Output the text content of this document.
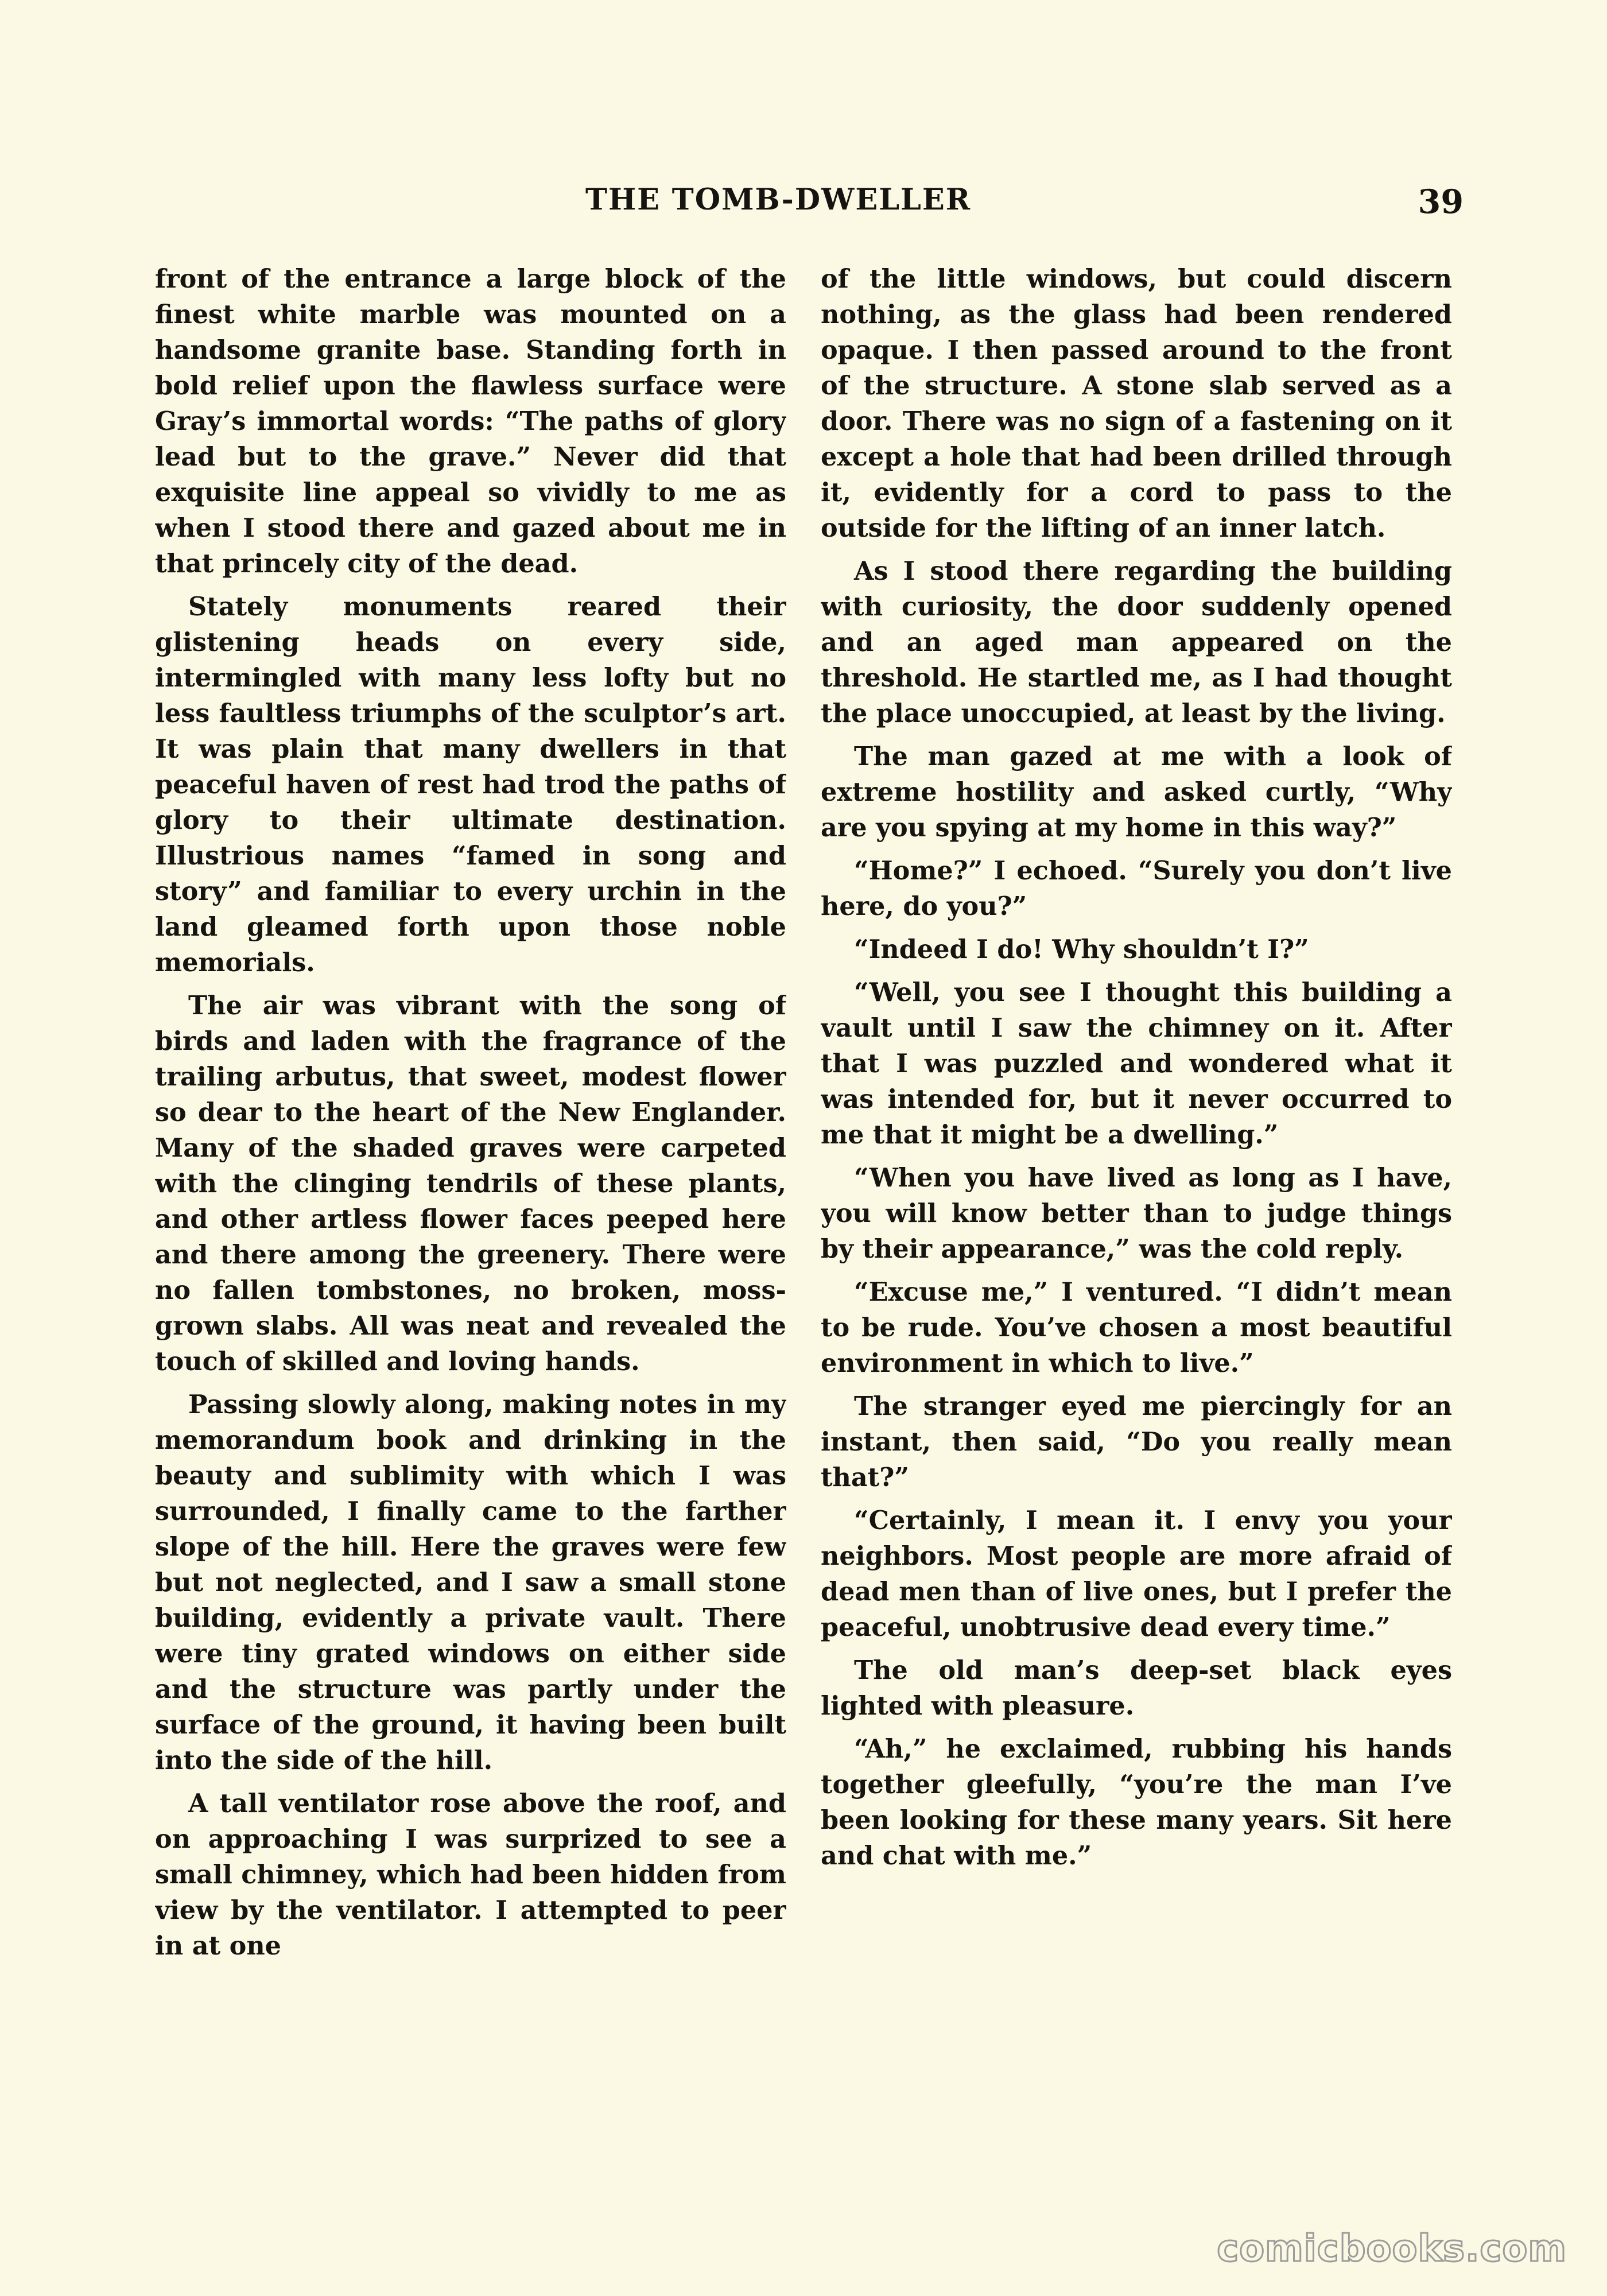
THE TOMB-DWELLER	39

front of the entrance a large block of the finest white marble was mounted on a handsome granite base. Standing forth in bold relief upon the flawless surface were Gray’s immortal words: “The paths of glory lead but to the grave.” Never did that exquisite line appeal so vividly to me as when I stood there and gazed about me in that princely city of the dead.

Stately monuments reared their glistening heads on every side, intermingled with many less lofty but no less faultless triumphs of the sculptor’s art. It was plain that many dwellers in that peaceful haven of rest had trod the paths of glory to their ultimate destination. Illustrious names “famed in song and story” and familiar to every urchin in the land gleamed forth upon those noble memorials.

The air was vibrant with the song of birds and laden with the fragrance of the trailing arbutus, that sweet, modest flower so dear to the heart of the New Englander. Many of the shaded graves were carpeted with the clinging tendrils of these plants, and other artless flower faces peeped here and there among the greenery. There were no fallen tombstones, no broken, moss-grown slabs. All was neat and revealed the touch of skilled and loving hands.

Passing slowly along, making notes in my memorandum book and drinking in the beauty and sublimity with which I was surrounded, I finally came to the farther slope of the hill. Here the graves were few but not neglected, and I saw a small stone building, evidently a private vault. There were tiny grated windows on either side and the structure was partly under the surface of the ground, it having been built into the side of the hill.

A tall ventilator rose above the roof, and on approaching I was surprized to see a small chimney, which had been hidden from view by the ventilator. I attempted to peer in at one

of the little windows, but could discern nothing, as the glass had been rendered opaque. I then passed around to the front of the structure. A stone slab served as a door. There was no sign of a fastening on it except a hole that had been drilled through it, evidently for a cord to pass to the outside for the lifting of an inner latch.

As I stood there regarding the building with curiosity, the door suddenly opened and an aged man appeared on the threshold. He startled me, as I had thought the place unoccupied, at least by the living.

The man gazed at me with a look of extreme hostility and asked curtly, “Why are you spying at my home in this way?”

“Home?” I echoed. “Surely you don’t live here, do you?”

“Indeed I do! Why shouldn’t I?”

“Well, you see I thought this building a vault until I saw the chimney on it. After that I was puzzled and wondered what it was intended for, but it never occurred to me that it might be a dwelling.”

“When you have lived as long as I have, you will know better than to judge things by their appearance,” was the cold reply.

“Excuse me,” I ventured. “I didn’t mean to be rude. You’ve chosen a most beautiful environment in which to live.”

The stranger eyed me piercingly for an instant, then said, “Do you really mean that?”

“Certainly, I mean it. I envy you your neighbors. Most people are more afraid of dead men than of live ones, but I prefer the peaceful, unobtrusive dead every time.”

The old man’s deep-set black eyes lighted with pleasure.

“Ah,” he exclaimed, rubbing his hands together gleefully, “you’re the man I’ve been looking for these many years. Sit here and chat with me.”

comicbooks.com
